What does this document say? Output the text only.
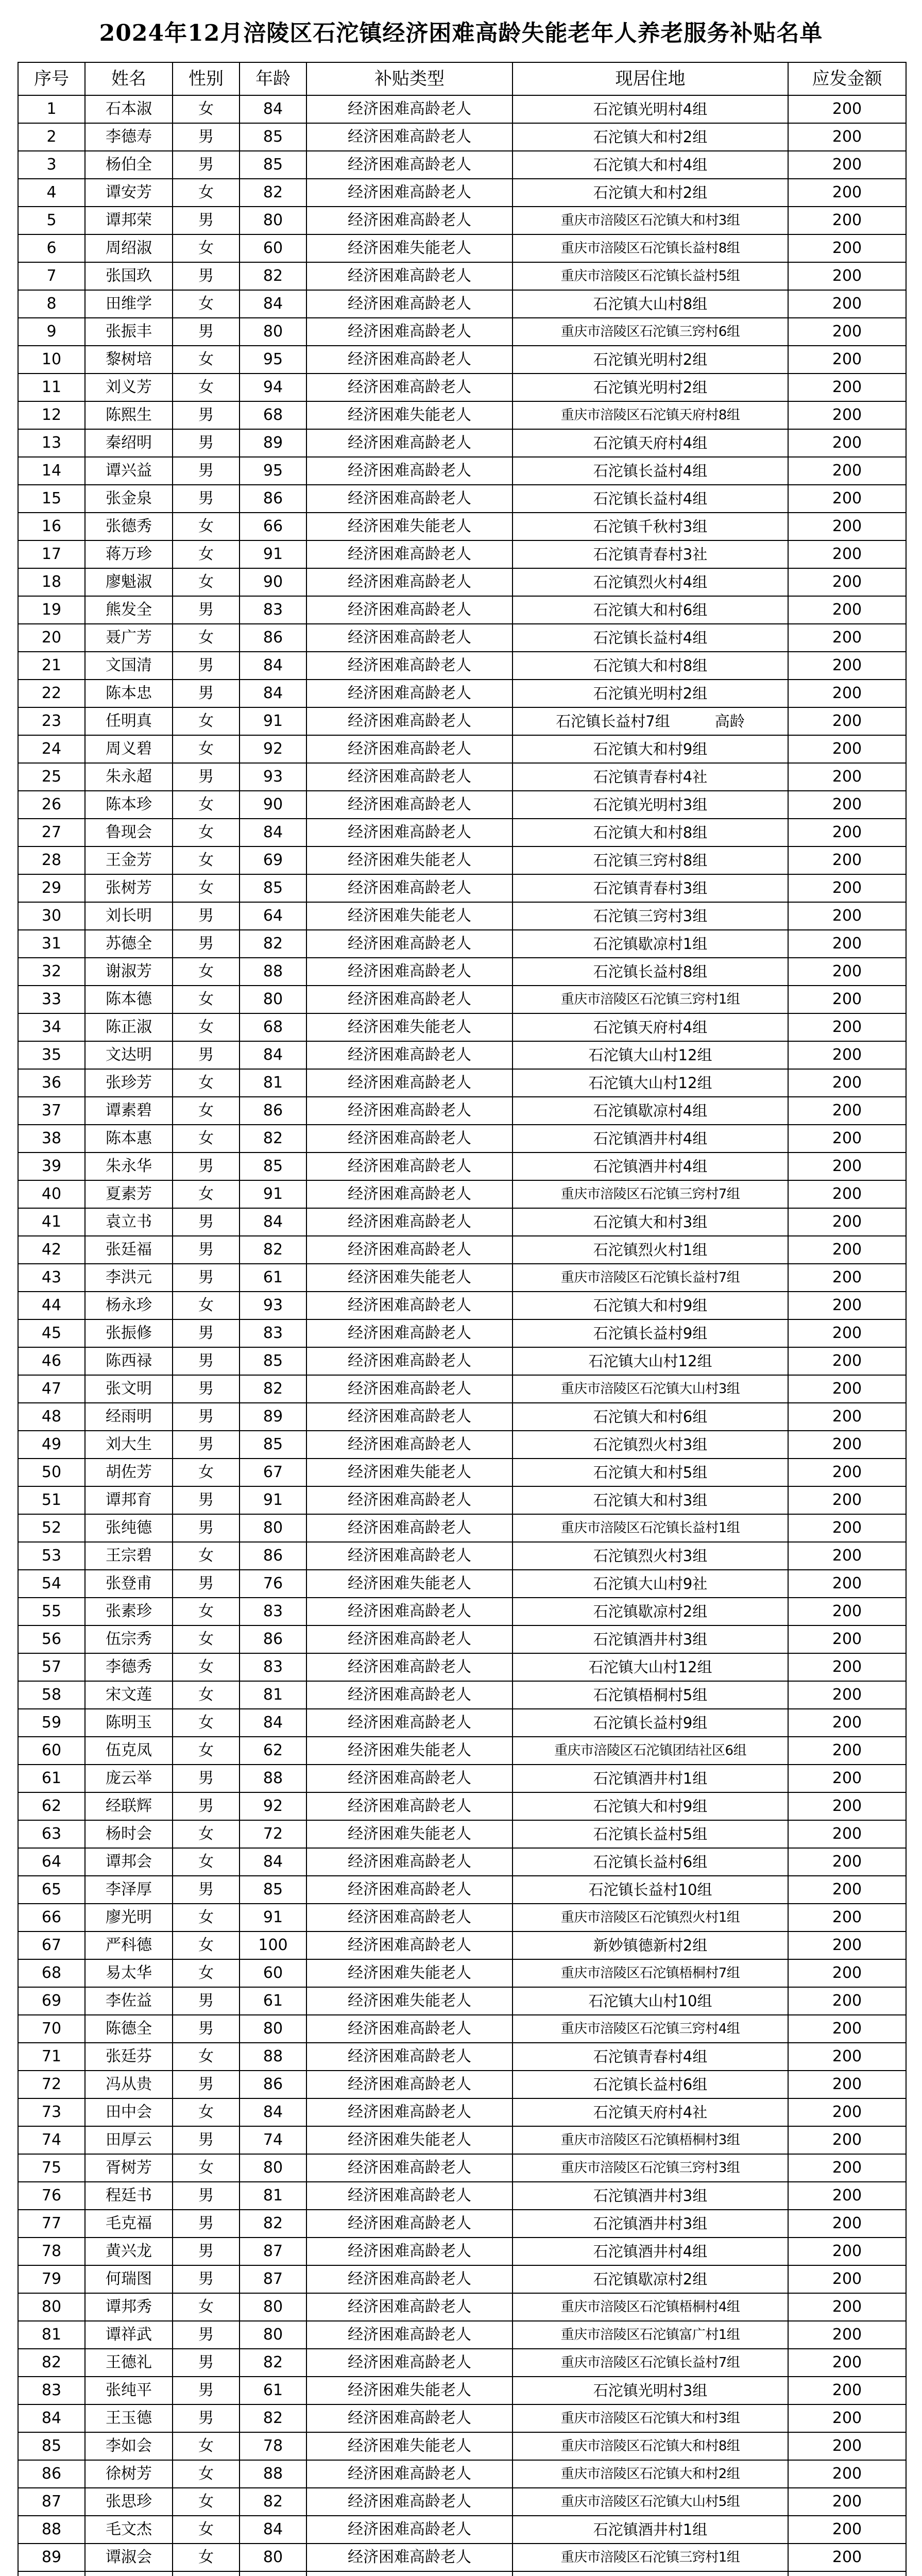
2024年12月涪陵区石沱镇经济困难高龄失能老年人养老服务补贴名单
序号	姓名	性别	年龄	补贴类型	现居住地	应发金额
1	石本淑	女	84	经济困难高龄老人	石沱镇光明村4组	200
2	李德寿	男	85	经济困难高龄老人	石沱镇大和村2组	200
3	杨伯全	男	85	经济困难高龄老人	石沱镇大和村4组	200
4	谭安芳	女	82	经济困难高龄老人	石沱镇大和村2组	200
5	谭邦荣	男	80	经济困难高龄老人	重庆市涪陵区石沱镇大和村3组	200
6	周绍淑	女	60	经济困难失能老人	重庆市涪陵区石沱镇长益村8组	200
7	张国玖	男	82	经济困难高龄老人	重庆市涪陵区石沱镇长益村5组	200
8	田维学	女	84	经济困难高龄老人	石沱镇大山村8组	200
9	张振丰	男	80	经济困难高龄老人	重庆市涪陵区石沱镇三窍村6组	200
10	黎树培	女	95	经济困难高龄老人	石沱镇光明村2组	200
11	刘义芳	女	94	经济困难高龄老人	石沱镇光明村2组	200
12	陈熙生	男	68	经济困难失能老人	重庆市涪陵区石沱镇天府村8组	200
13	秦绍明	男	89	经济困难高龄老人	石沱镇天府村4组	200
14	谭兴益	男	95	经济困难高龄老人	石沱镇长益村4组	200
15	张金泉	男	86	经济困难高龄老人	石沱镇长益村4组	200
16	张德秀	女	66	经济困难失能老人	石沱镇千秋村3组	200
17	蒋万珍	女	91	经济困难高龄老人	石沱镇青春村3社	200
18	廖魁淑	女	90	经济困难高龄老人	石沱镇烈火村4组	200
19	熊发全	男	83	经济困难高龄老人	石沱镇大和村6组	200
20	聂广芳	女	86	经济困难高龄老人	石沱镇长益村4组	200
21	文国清	男	84	经济困难高龄老人	石沱镇大和村8组	200
22	陈本忠	男	84	经济困难高龄老人	石沱镇光明村2组	200
23	任明真	女	91	经济困难高龄老人	石沱镇长益村7组　　　高龄	200
24	周义碧	女	92	经济困难高龄老人	石沱镇大和村9组	200
25	朱永超	男	93	经济困难高龄老人	石沱镇青春村4社	200
26	陈本珍	女	90	经济困难高龄老人	石沱镇光明村3组	200
27	鲁现会	女	84	经济困难高龄老人	石沱镇大和村8组	200
28	王金芳	女	69	经济困难失能老人	石沱镇三窍村8组	200
29	张树芳	女	85	经济困难高龄老人	石沱镇青春村3组	200
30	刘长明	男	64	经济困难失能老人	石沱镇三窍村3组	200
31	苏德全	男	82	经济困难高龄老人	石沱镇歇凉村1组	200
32	谢淑芳	女	88	经济困难高龄老人	石沱镇长益村8组	200
33	陈本德	女	80	经济困难高龄老人	重庆市涪陵区石沱镇三窍村1组	200
34	陈正淑	女	68	经济困难失能老人	石沱镇天府村4组	200
35	文达明	男	84	经济困难高龄老人	石沱镇大山村12组	200
36	张珍芳	女	81	经济困难高龄老人	石沱镇大山村12组	200
37	谭素碧	女	86	经济困难高龄老人	石沱镇歇凉村4组	200
38	陈本惠	女	82	经济困难高龄老人	石沱镇酒井村4组	200
39	朱永华	男	85	经济困难高龄老人	石沱镇酒井村4组	200
40	夏素芳	女	91	经济困难高龄老人	重庆市涪陵区石沱镇三窍村7组	200
41	袁立书	男	84	经济困难高龄老人	石沱镇大和村3组	200
42	张廷福	男	82	经济困难高龄老人	石沱镇烈火村1组	200
43	李洪元	男	61	经济困难失能老人	重庆市涪陵区石沱镇长益村7组	200
44	杨永珍	女	93	经济困难高龄老人	石沱镇大和村9组	200
45	张振修	男	83	经济困难高龄老人	石沱镇长益村9组	200
46	陈西禄	男	85	经济困难高龄老人	石沱镇大山村12组	200
47	张文明	男	82	经济困难高龄老人	重庆市涪陵区石沱镇大山村3组	200
48	经雨明	男	89	经济困难高龄老人	石沱镇大和村6组	200
49	刘大生	男	85	经济困难高龄老人	石沱镇烈火村3组	200
50	胡佐芳	女	67	经济困难失能老人	石沱镇大和村5组	200
51	谭邦育	男	91	经济困难高龄老人	石沱镇大和村3组	200
52	张纯德	男	80	经济困难高龄老人	重庆市涪陵区石沱镇长益村1组	200
53	王宗碧	女	86	经济困难高龄老人	石沱镇烈火村3组	200
54	张登甫	男	76	经济困难失能老人	石沱镇大山村9社	200
55	张素珍	女	83	经济困难高龄老人	石沱镇歇凉村2组	200
56	伍宗秀	女	86	经济困难高龄老人	石沱镇酒井村3组	200
57	李德秀	女	83	经济困难高龄老人	石沱镇大山村12组	200
58	宋文莲	女	81	经济困难高龄老人	石沱镇梧桐村5组	200
59	陈明玉	女	84	经济困难高龄老人	石沱镇长益村9组	200
60	伍克凤	女	62	经济困难失能老人	重庆市涪陵区石沱镇团结社区6组	200
61	庞云举	男	88	经济困难高龄老人	石沱镇酒井村1组	200
62	经联辉	男	92	经济困难高龄老人	石沱镇大和村9组	200
63	杨时会	女	72	经济困难失能老人	石沱镇长益村5组	200
64	谭邦会	女	84	经济困难高龄老人	石沱镇长益村6组	200
65	李泽厚	男	85	经济困难高龄老人	石沱镇长益村10组	200
66	廖光明	女	91	经济困难高龄老人	重庆市涪陵区石沱镇烈火村1组	200
67	严科德	女	100	经济困难高龄老人	新妙镇德新村2组	200
68	易太华	女	60	经济困难失能老人	重庆市涪陵区石沱镇梧桐村7组	200
69	李佐益	男	61	经济困难失能老人	石沱镇大山村10组	200
70	陈德全	男	80	经济困难高龄老人	重庆市涪陵区石沱镇三窍村4组	200
71	张廷芬	女	88	经济困难高龄老人	石沱镇青春村4组	200
72	冯从贵	男	86	经济困难高龄老人	石沱镇长益村6组	200
73	田中会	女	84	经济困难高龄老人	石沱镇天府村4社	200
74	田厚云	男	74	经济困难失能老人	重庆市涪陵区石沱镇梧桐村3组	200
75	胥树芳	女	80	经济困难高龄老人	重庆市涪陵区石沱镇三窍村3组	200
76	程廷书	男	81	经济困难高龄老人	石沱镇酒井村3组	200
77	毛克福	男	82	经济困难高龄老人	石沱镇酒井村3组	200
78	黄兴龙	男	87	经济困难高龄老人	石沱镇酒井村4组	200
79	何瑞图	男	87	经济困难高龄老人	石沱镇歇凉村2组	200
80	谭邦秀	女	80	经济困难高龄老人	重庆市涪陵区石沱镇梧桐村4组	200
81	谭祥武	男	80	经济困难高龄老人	重庆市涪陵区石沱镇富广村1组	200
82	王德礼	男	82	经济困难高龄老人	重庆市涪陵区石沱镇长益村7组	200
83	张纯平	男	61	经济困难失能老人	石沱镇光明村3组	200
84	王玉德	男	82	经济困难高龄老人	重庆市涪陵区石沱镇大和村3组	200
85	李如会	女	78	经济困难失能老人	重庆市涪陵区石沱镇大和村8组	200
86	徐树芳	女	88	经济困难高龄老人	重庆市涪陵区石沱镇大和村2组	200
87	张思珍	女	82	经济困难高龄老人	重庆市涪陵区石沱镇大山村5组	200
88	毛文杰	女	84	经济困难高龄老人	石沱镇酒井村1组	200
89	谭淑会	女	80	经济困难高龄老人	重庆市涪陵区石沱镇三窍村1组	200
